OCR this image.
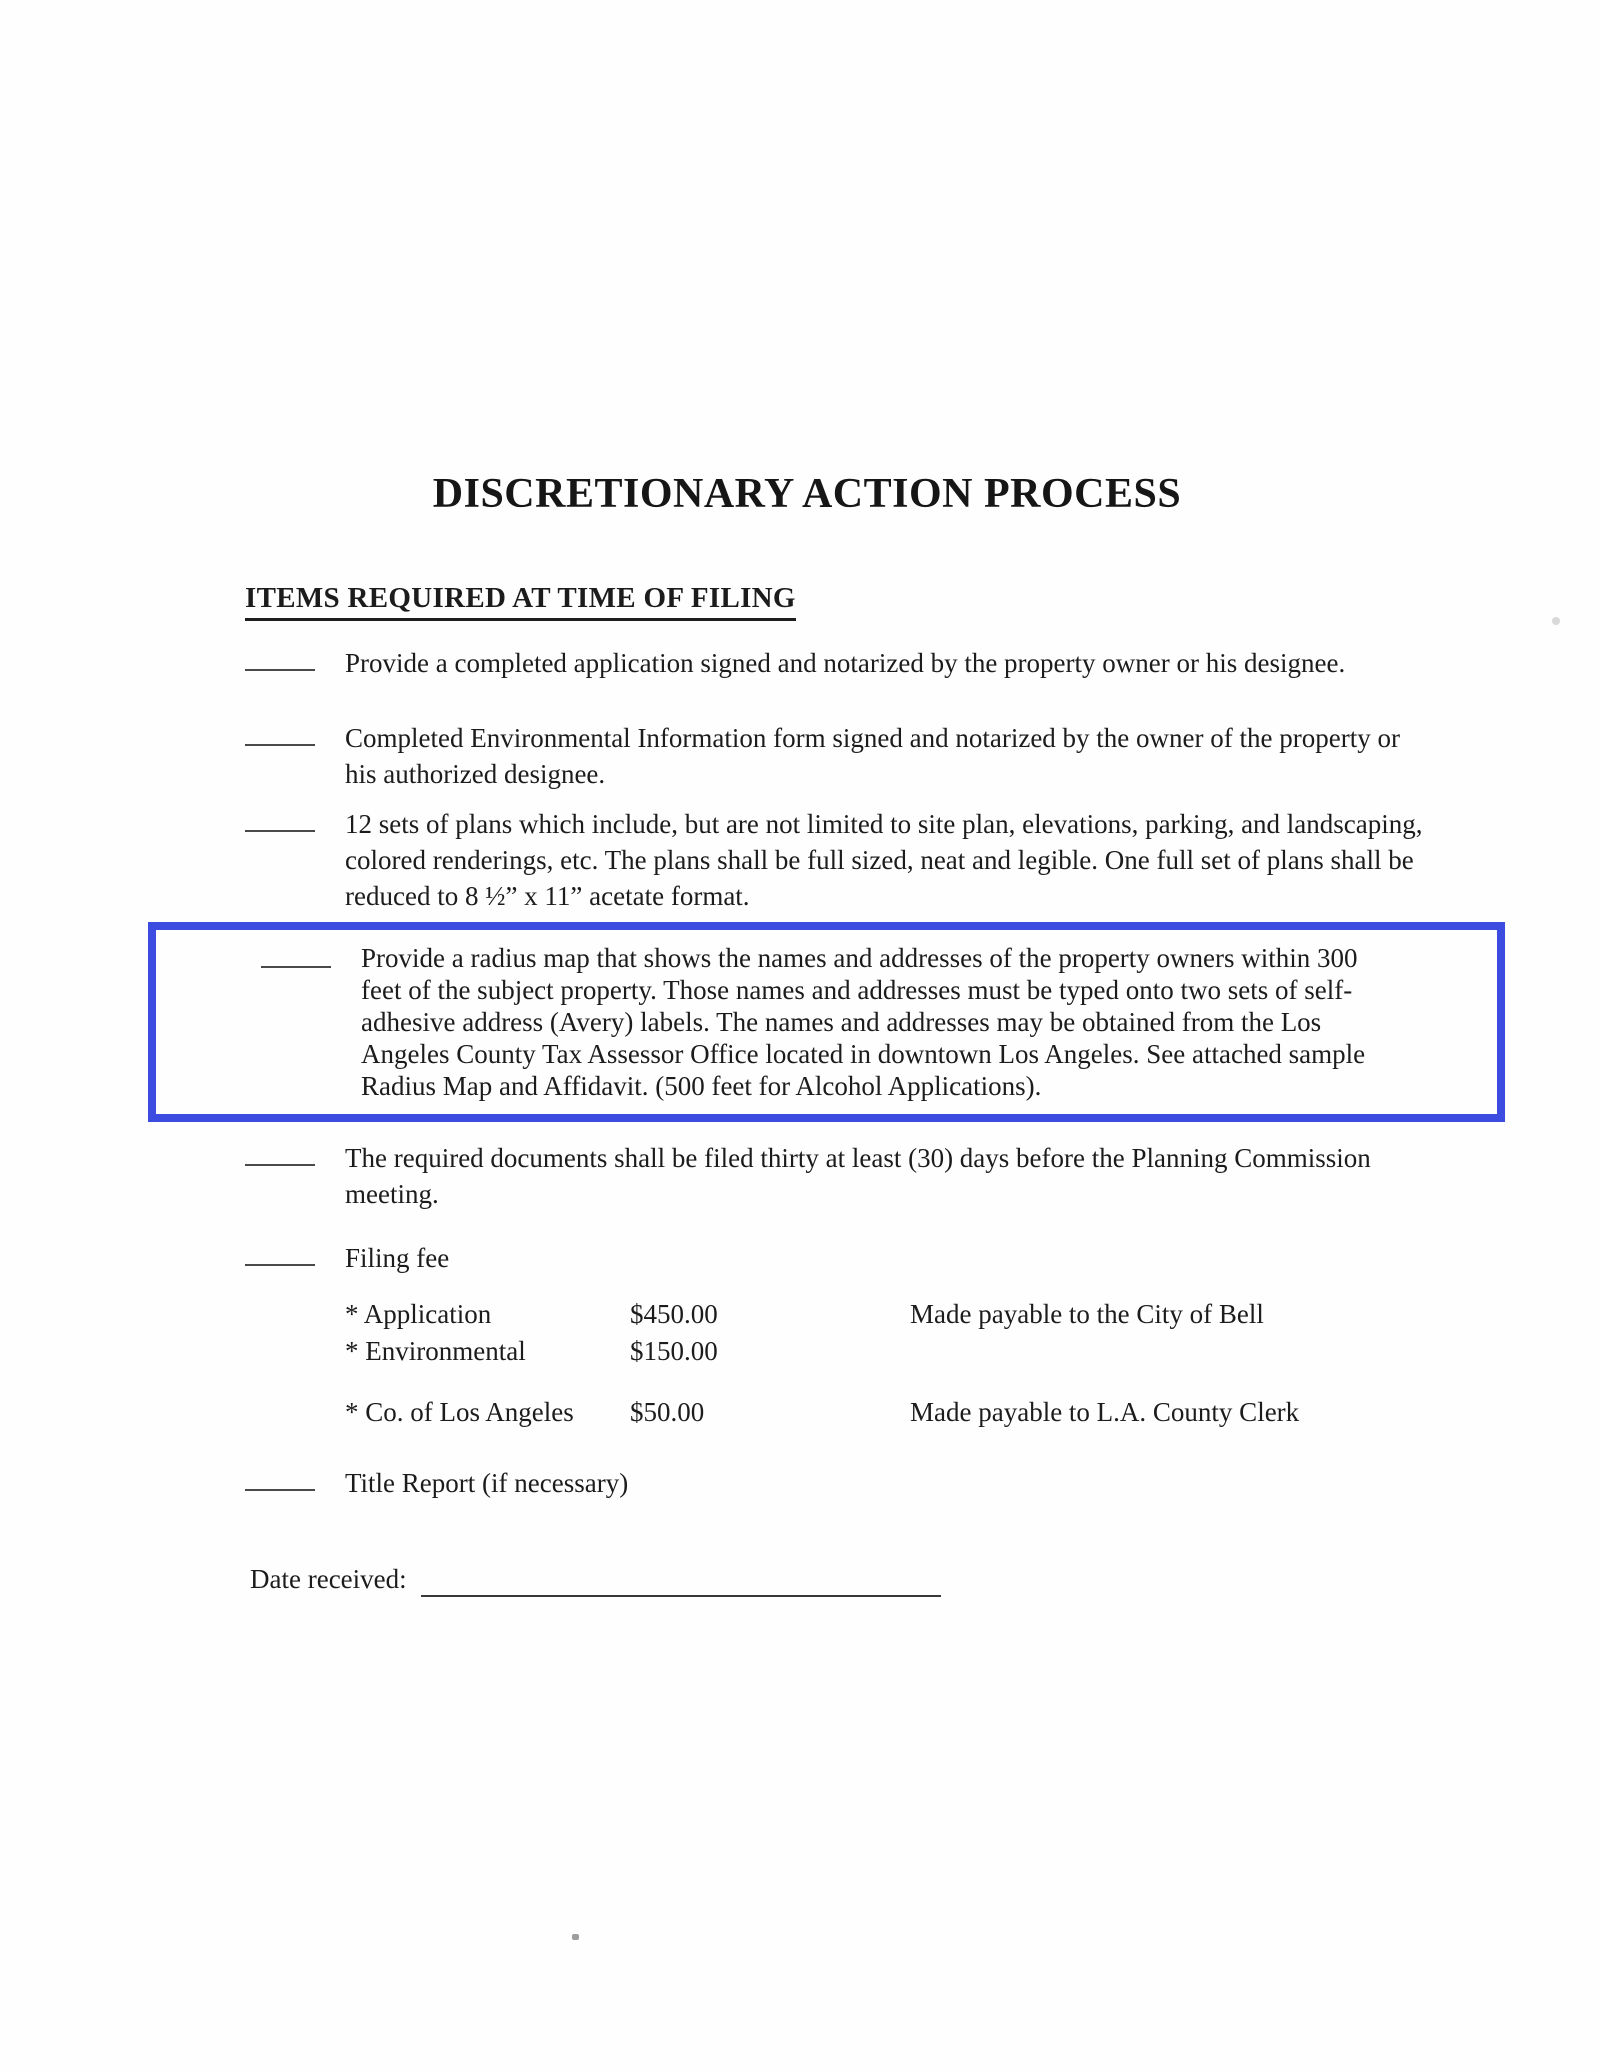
DISCRETIONARY ACTION PROCESS
ITEMS REQUIRED AT TIME OF FILING

Provide a completed application signed and notarized by the property owner or his designee.

Completed Environmental Information form signed and notarized by the owner of the property or his authorized designee.

12 sets of plans which include, but are not limited to site plan, elevations, parking, and landscaping, colored renderings, etc. The plans shall be full sized, neat and legible. One full set of plans shall be reduced to 8 ½” x 11” acetate format.

Provide a radius map that shows the names and addresses of the property owners within 300 feet of the subject property. Those names and addresses must be typed onto two sets of self-adhesive address (Avery) labels. The names and addresses may be obtained from the Los Angeles County Tax Assessor Office located in downtown Los Angeles. See attached sample Radius Map and Affidavit. (500 feet for Alcohol Applications).

The required documents shall be filed thirty at least (30) days before the Planning Commission meeting.

Filing fee

* Application	$450.00	Made payable to the City of Bell
* Environmental	$150.00
* Co. of Los Angeles	$50.00	Made payable to L.A. County Clerk

Title Report (if necessary)

Date received:
